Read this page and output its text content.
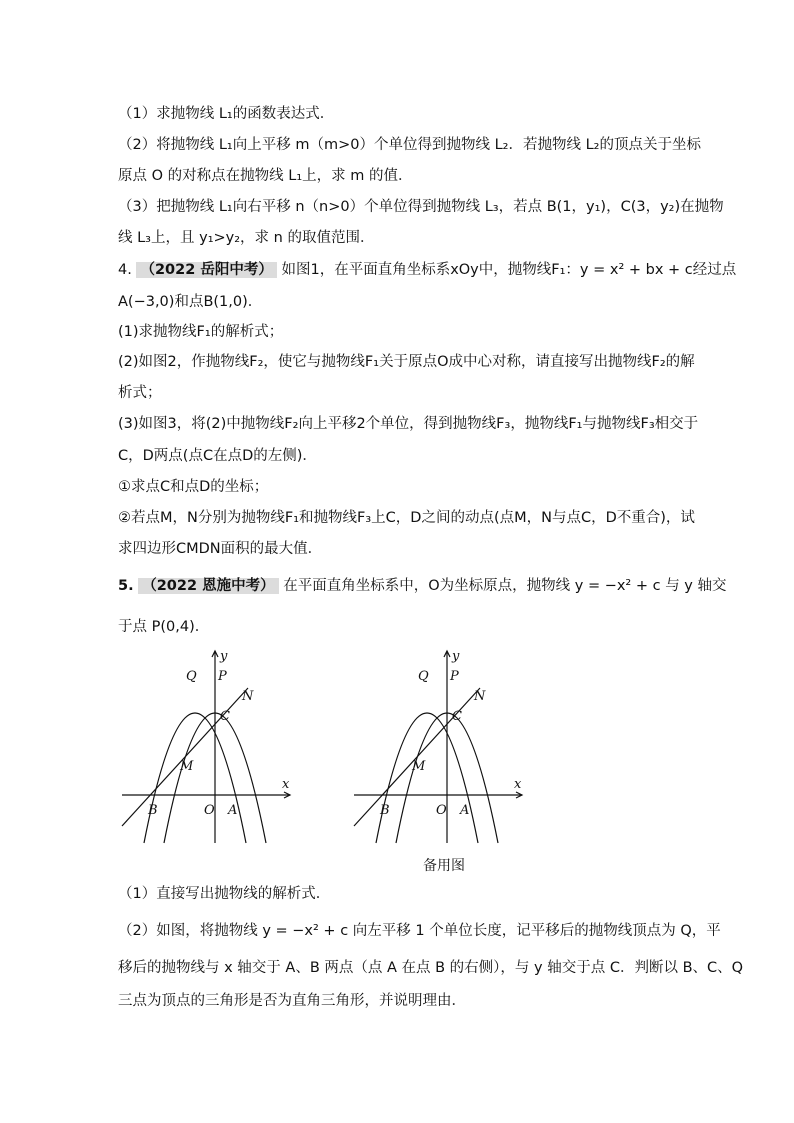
（1）求抛物线 L₁的函数表达式．
（2）将抛物线 L₁向上平移 m（m>0）个单位得到抛物线 L₂．若抛物线 L₂的顶点关于坐标
原点 O 的对称点在抛物线 L₁上，求 m 的值．
（3）把抛物线 L₁向右平移 n（n>0）个单位得到抛物线 L₃，若点 B(1，y₁)，C(3，y₂)在抛物
线 L₃上，且 y₁>y₂，求 n 的取值范围．
4. （2022 岳阳中考） 如图1，在平面直角坐标系xOy中，抛物线F₁：y = x² + bx + c经过点
A(−3,0)和点B(1,0)．
(1)求抛物线F₁的解析式；
(2)如图2，作抛物线F₂，使它与抛物线F₁关于原点O成中心对称，请直接写出抛物线F₂的解
析式；
(3)如图3，将(2)中抛物线F₂向上平移2个单位，得到抛物线F₃，抛物线F₁与抛物线F₃相交于
C，D两点(点C在点D的左侧)．
①求点C和点D的坐标；
②若点M，N分别为抛物线F₁和抛物线F₃上C，D之间的动点(点M，N与点C，D不重合)，试
求四边形CMDN面积的最大值．
5. （2022 恩施中考） 在平面直角坐标系中，O为坐标原点，抛物线 y = −x² + c 与 y 轴交
于点 P(0,4)．
y
x
Q P
N
C
M
B	O A
y
x
Q P
N
C
M
B	O A
备用图
（1）直接写出抛物线的解析式．
（2）如图，将抛物线 y = −x² + c 向左平移 1 个单位长度，记平移后的抛物线顶点为 Q，平
移后的抛物线与 x 轴交于 A、B 两点（点 A 在点 B 的右侧），与 y 轴交于点 C．判断以 B、C、Q
三点为顶点的三角形是否为直角三角形，并说明理由．
